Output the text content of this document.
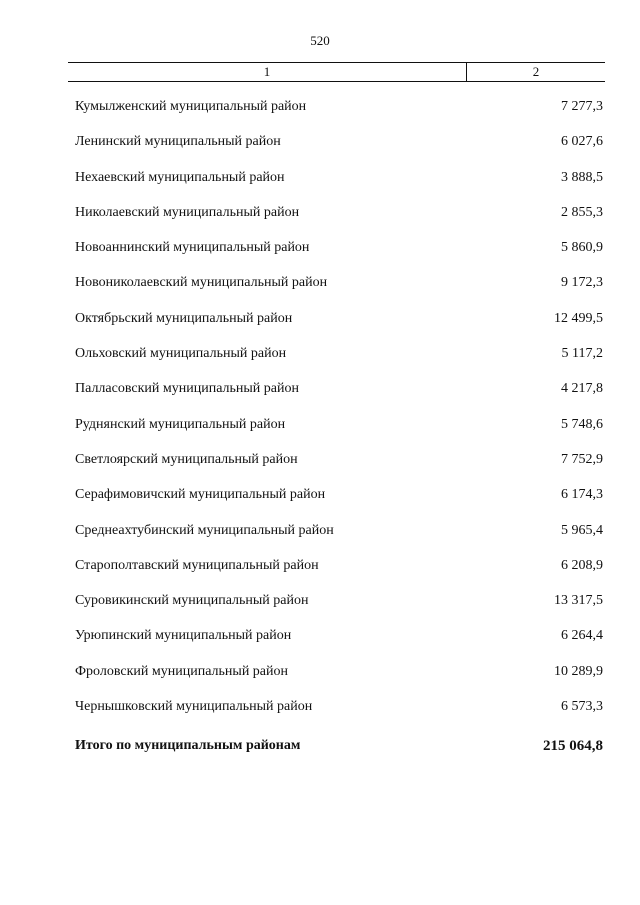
520
1	2
Кумылженский муниципальный район	7 277,3
Ленинский муниципальный район	6 027,6
Нехаевский муниципальный район	3 888,5
Николаевский муниципальный район	2 855,3
Новоаннинский муниципальный район	5 860,9
Новониколаевский муниципальный район	9 172,3
Октябрьский муниципальный район	12 499,5
Ольховский муниципальный район	5 117,2
Палласовский муниципальный район	4 217,8
Руднянский муниципальный район	5 748,6
Светлоярский муниципальный район	7 752,9
Серафимовичский муниципальный район	6 174,3
Среднеахтубинский муниципальный район	5 965,4
Старополтавский муниципальный район	6 208,9
Суровикинский муниципальный район	13 317,5
Урюпинский муниципальный район	6 264,4
Фроловский муниципальный район	10 289,9
Чернышковский муниципальный район	6 573,3
Итого по муниципальным районам	215 064,8
